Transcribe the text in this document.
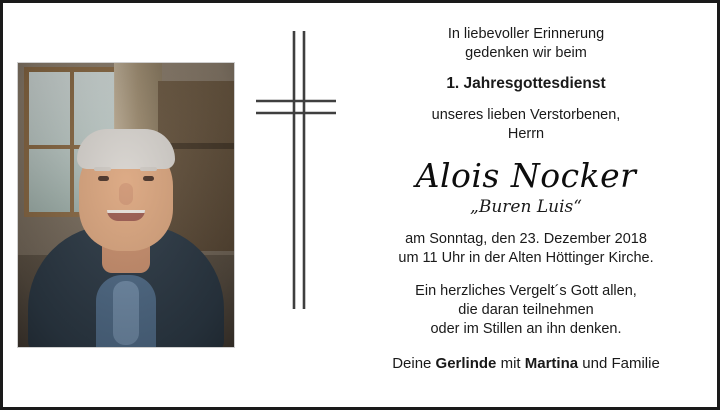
In liebevoller Erinnerung
gedenken wir beim
1. Jahresgottesdienst
unseres lieben Verstorbenen,
Herrn
Alois Nocker
„Buren Luis“
am Sonntag, den 23. Dezember 2018
um 11 Uhr in der Alten Höttinger Kirche.
Ein herzliches Vergelt´s Gott allen,
die daran teilnehmen
oder im Stillen an ihn denken.
Deine Gerlinde mit Martina und Familie
